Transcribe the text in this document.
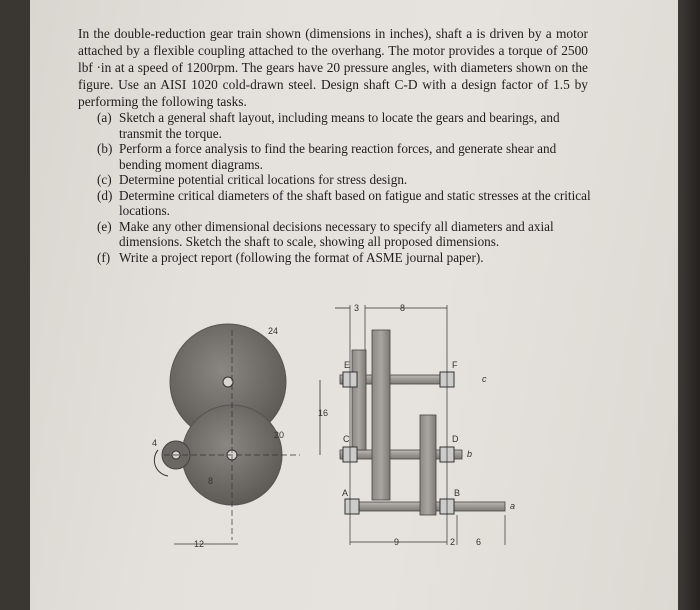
In the double-reduction gear train shown (dimensions in inches), shaft a is driven by a motor attached by a flexible coupling attached to the overhang. The motor provides a torque of 2500 lbf ·in at a speed of 1200rpm. The gears have 20 pressure angles, with diameters shown on the figure. Use an AISI 1020 cold-drawn steel. Design shaft C-D with a design factor of 1.5 by performing the following tasks.

(a) Sketch a general shaft layout, including means to locate the gears and bearings, and transmit the torque.
(b) Perform a force analysis to find the bearing reaction forces, and generate shear and bending moment diagrams.
(c) Determine potential critical locations for stress design.
(d) Determine critical diameters of the shaft based on fatigue and static stresses at the critical locations.
(e) Make any other dimensional decisions necessary to specify all diameters and axial dimensions. Sketch the shaft to scale, showing all proposed dimensions.
(f) Write a project report (following the format of ASME journal paper).
24
20
4
8
12
16
3	8
9	2 6
E	F
C	D
A	B
c
b
a
